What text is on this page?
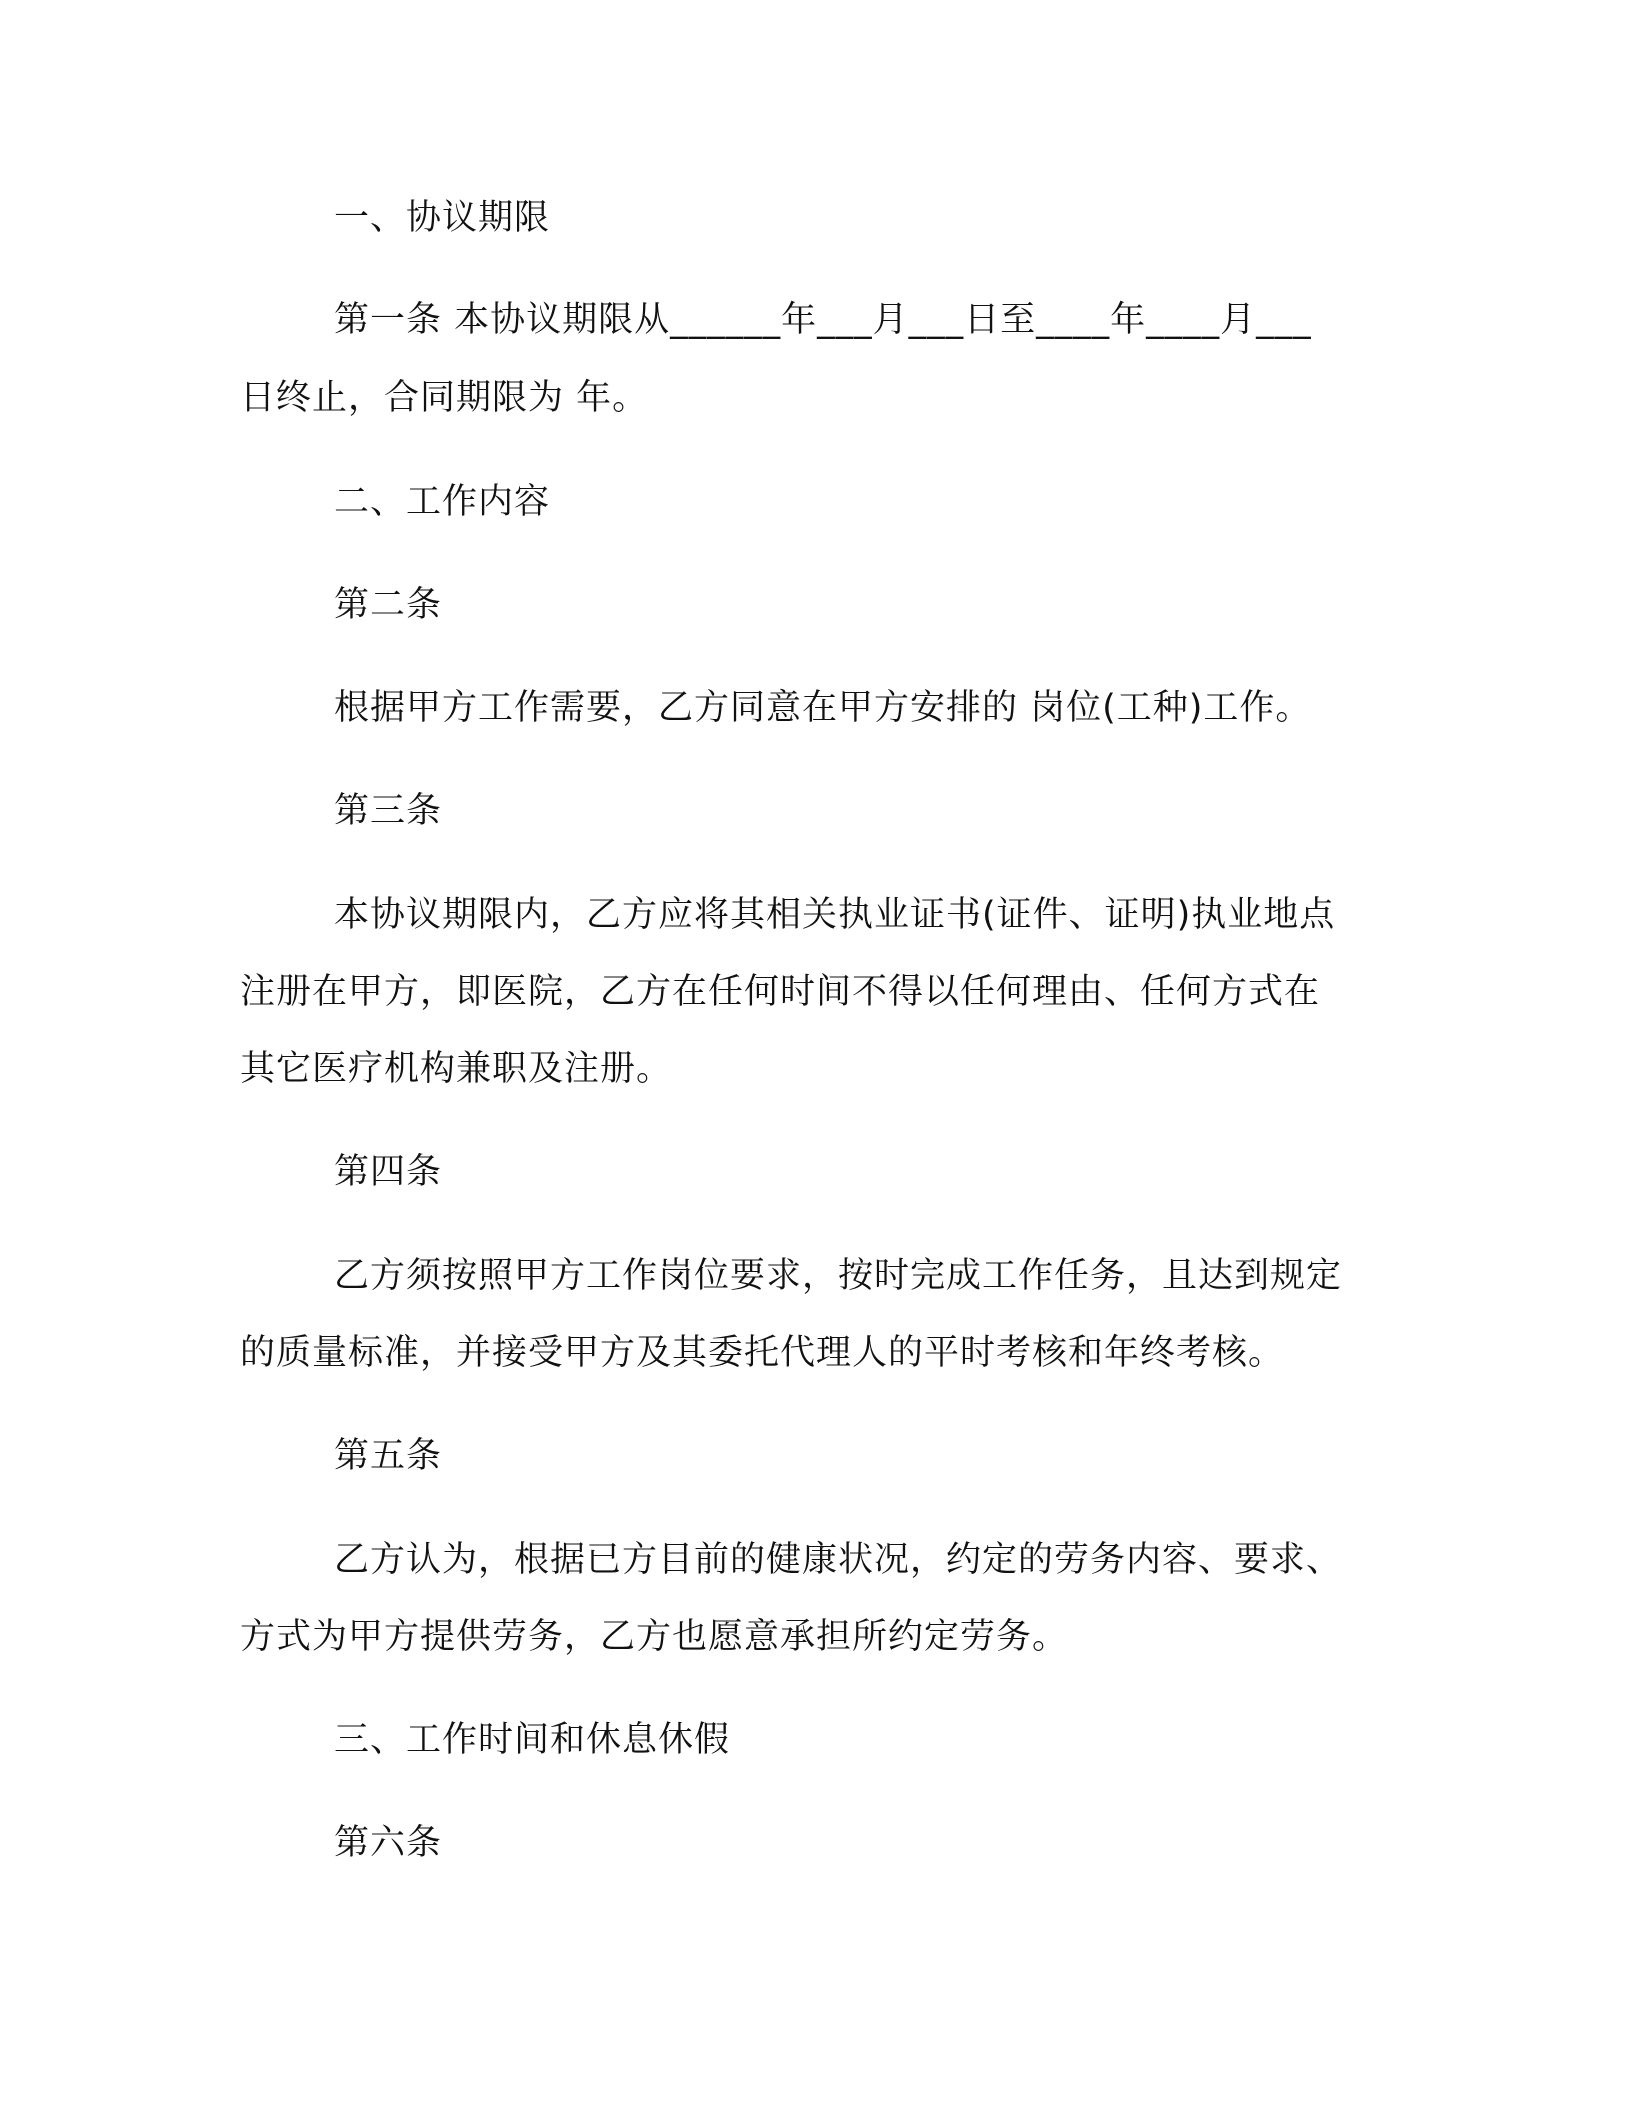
一、协议期限
第一条 本协议期限从______年___月___日至____年____月___
日终止，合同期限为 年。
二、工作内容
第二条
根据甲方工作需要，乙方同意在甲方安排的 岗位(工种)工作。
第三条
本协议期限内，乙方应将其相关执业证书(证件、证明)执业地点
注册在甲方，即医院，乙方在任何时间不得以任何理由、任何方式在
其它医疗机构兼职及注册。
第四条
乙方须按照甲方工作岗位要求，按时完成工作任务，且达到规定
的质量标准，并接受甲方及其委托代理人的平时考核和年终考核。
第五条
乙方认为，根据已方目前的健康状况，约定的劳务内容、要求、
方式为甲方提供劳务，乙方也愿意承担所约定劳务。
三、工作时间和休息休假
第六条
